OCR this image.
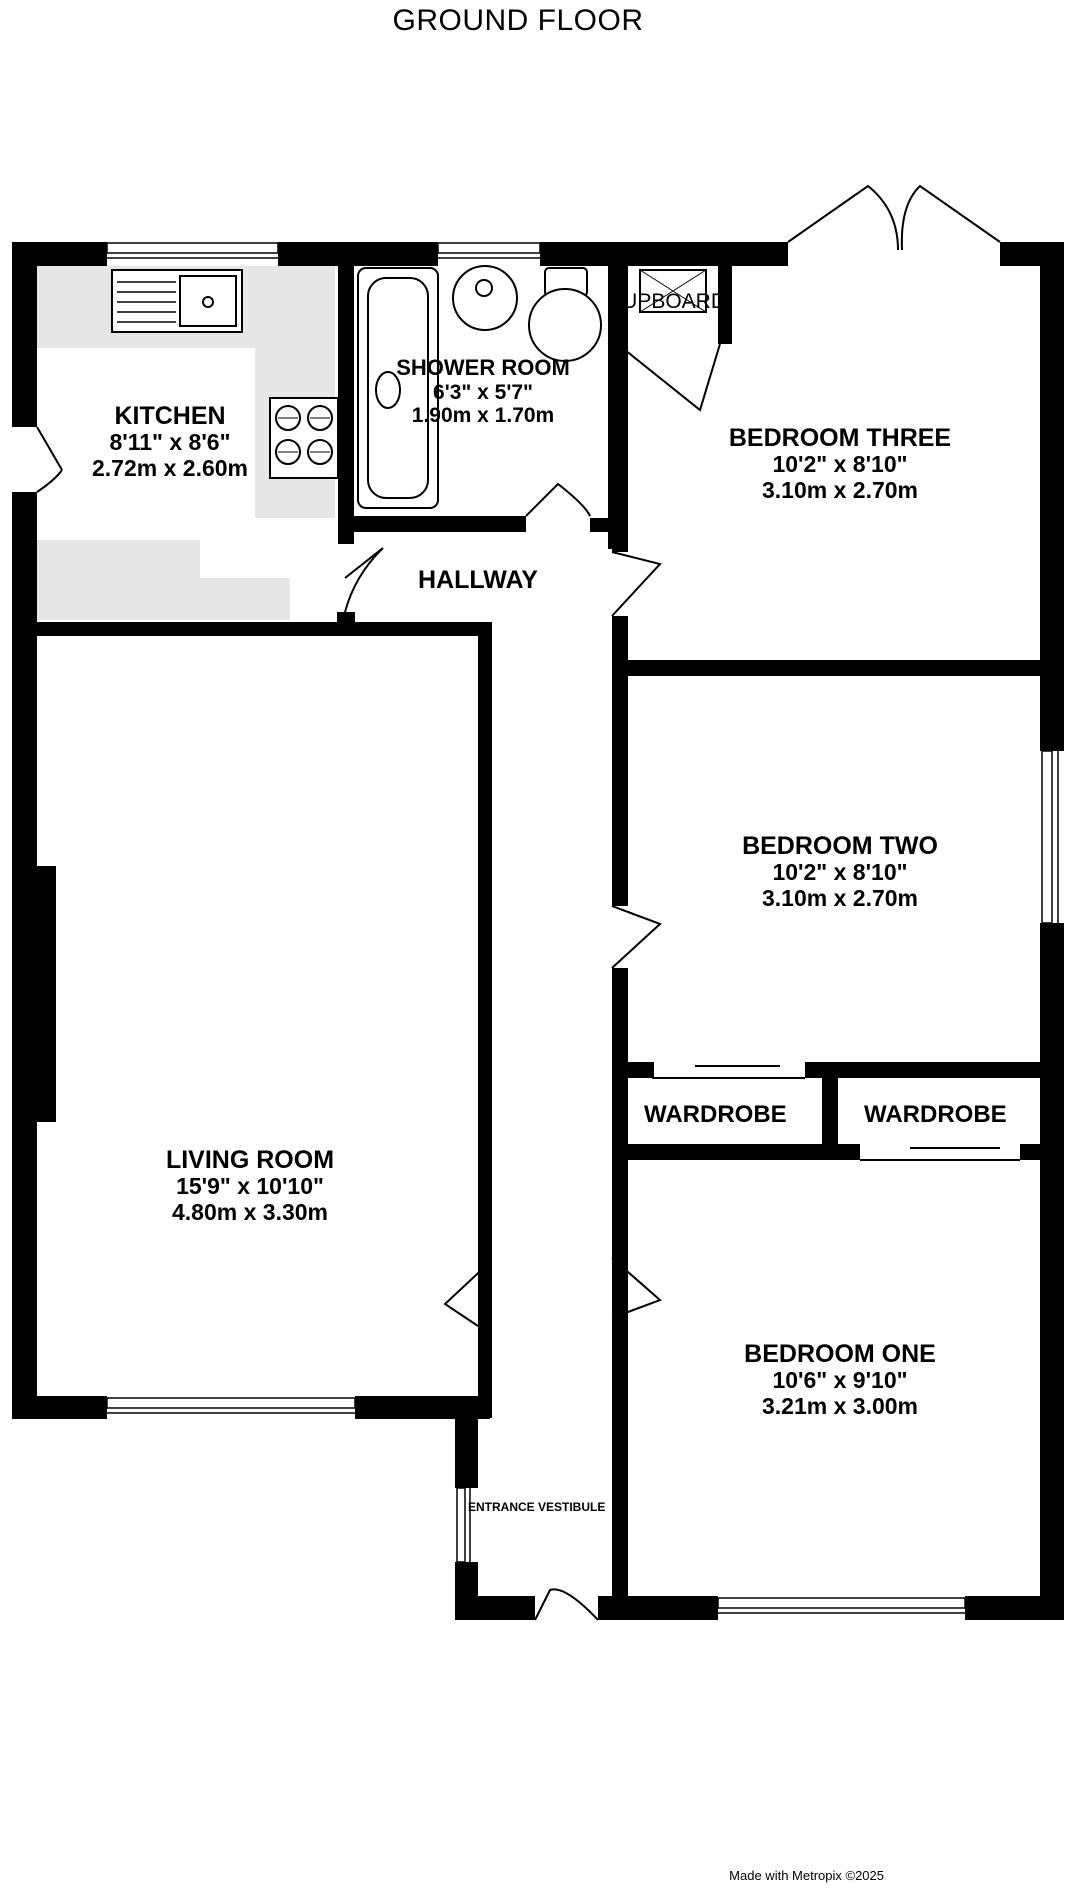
GROUND FLOOR
KITCHEN
8'11" x 8'6"
2.72m x 2.60m
SHOWER ROOM
6'3" x 5'7"
1.90m x 1.70m
BEDROOM THREE
10'2" x 8'10"
3.10m x 2.70m
BEDROOM TWO
10'2" x 8'10"
3.10m x 2.70m
BEDROOM ONE
10'6" x 9'10"
3.21m x 3.00m
LIVING ROOM
15'9" x 10'10"
4.80m x 3.30m
HALLWAY
CUPBOARD
WARDROBE	WARDROBE
ENTRANCE VESTIBULE
Made with Metropix ©2025
